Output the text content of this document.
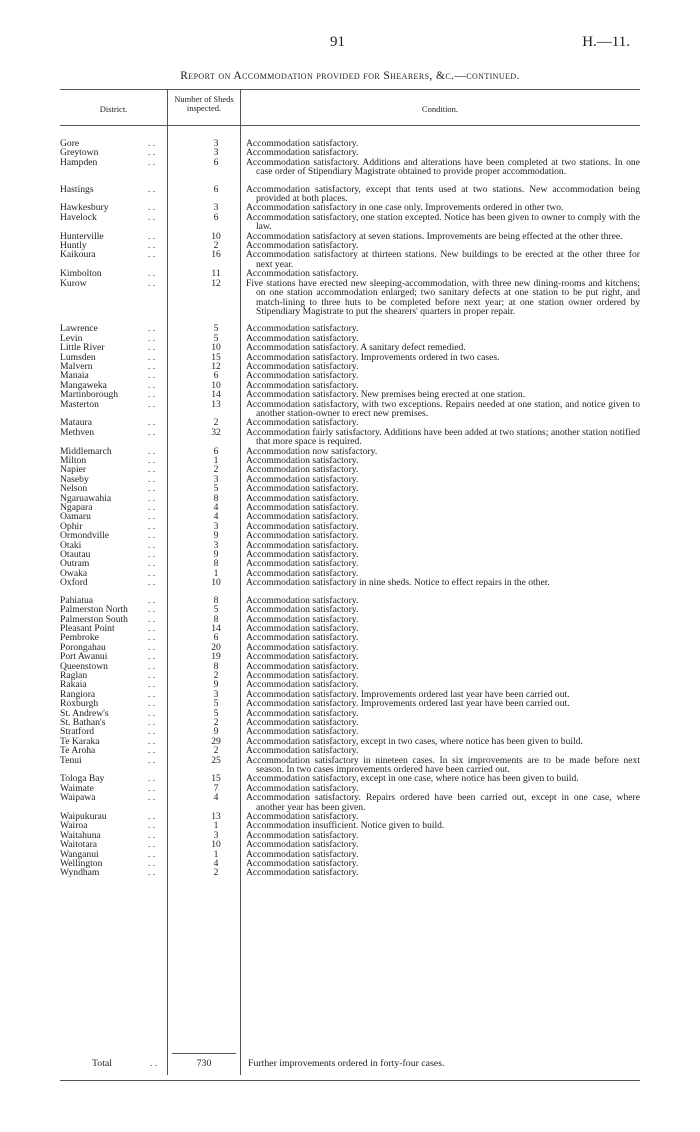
91	H.—11.
Report on Accommodation provided for Shearers, &c.—continued.
District.
Number of Sheds inspected.	Condition.
Gore	. .	3	Accommodation satisfactory.

Greytown	. .	3	Accommodation satisfactory.

Hampden	. .	6	Accommodation satisfactory. Additions and alterations have been completed at two stations. In one case order of Stipendiary Magistrate obtained to provide proper accommodation.

Hastings	. .	6	Accommodation satisfactory, except that tents used at two stations. New accommodation being provided at both places.

Hawkesbury	. .	3	Accommodation satisfactory in one case only. Improvements ordered in other two.

Havelock	. .	6	Accommodation satisfactory, one station excepted. Notice has been given to owner to comply with the law.

Hunterville	. .	10	Accommodation satisfactory at seven stations. Improvements are being effected at the other three.

Huntly	. .	2	Accommodation satisfactory.

Kaikoura	. .	16	Accommodation satisfactory at thirteen stations. New buildings to be erected at the other three for next year.

Kimbolton	. .	11	Accommodation satisfactory.

Kurow	. .	12	Five stations have erected new sleeping-accommodation, with three new dining-rooms and kitchens; on one station accommodation enlarged; two sanitary defects at one station to be put right, and match-lining to three huts to be completed before next year; at one station owner ordered by Stipendiary Magistrate to put the shearers' quarters in proper repair.

Lawrence	. .	5	Accommodation satisfactory.

Levin	. .	5	Accommodation satisfactory.

Little River	. .	10	Accommodation satisfactory. A sanitary defect remedied.

Lumsden	. .	15	Accommodation satisfactory. Improvements ordered in two cases.

Malvern	. .	12	Accommodation satisfactory.

Manaia	. .	6	Accommodation satisfactory.

Mangaweka	. .	10	Accommodation satisfactory.

Martinborough	. .	14	Accommodation satisfactory. New premises being erected at one station.

Masterton	. .	13	Accommodation satisfactory, with two exceptions. Repairs needed at one station, and notice given to another station-owner to erect new premises.

Mataura	. .	2	Accommodation satisfactory.

Methven	. .	32	Accommodation fairly satisfactory. Additions have been added at two stations; another station notified that more space is required.

Middlemarch	. .	6	Accommodation now satisfactory.

Milton	. .	1	Accommodation satisfactory.

Napier	. .	2	Accommodation satisfactory.

Naseby	. .	3	Accommodation satisfactory.

Nelson	. .	5	Accommodation satisfactory.

Ngaruawahia	. .	8	Accommodation satisfactory.

Ngapara	. .	4	Accommodation satisfactory.

Oamaru	. .	4	Accommodation satisfactory.

Ophir	. .	3	Accommodation satisfactory.

Ormondville	. .	9	Accommodation satisfactory.

Otaki	. .	3	Accommodation satisfactory.

Otautau	. .	9	Accommodation satisfactory.

Outram	. .	8	Accommodation satisfactory.

Owaka	. .	1	Accommodation satisfactory.

Oxford	. .	10	Accommodation satisfactory in nine sheds. Notice to effect repairs in the other.

Pahiatua	. .	8	Accommodation satisfactory.

Palmerston North	. .	5	Accommodation satisfactory.

Palmerston South	. .	8	Accommodation satisfactory.

Pleasant Point	. .	14	Accommodation satisfactory.

Pembroke	. .	6	Accommodation satisfactory.

Porongahau	. .	20	Accommodation satisfactory.

Port Awanui	. .	19	Accommodation satisfactory.

Queenstown	. .	8	Accommodation satisfactory.

Raglan	. .	2	Accommodation satisfactory.

Rakaia	. .	9	Accommodation satisfactory.

Rangiora	. .	3	Accommodation satisfactory. Improvements ordered last year have been carried out.

Roxburgh	. .	5	Accommodation satisfactory. Improvements ordered last year have been carried out.

St. Andrew's	. .	5	Accommodation satisfactory.

St. Bathan's	. .	2	Accommodation satisfactory.

Stratford	. .	9	Accommodation satisfactory.

Te Karaka	. .	29	Accommodation satisfactory, except in two cases, where notice has been given to build.

Te Aroha	. .	2	Accommodation satisfactory.

Tenui	. .	25	Accommodation satisfactory in nineteen cases. In six improvements are to be made before next season. In two cases improvements ordered have been carried out.

Tologa Bay	. .	15	Accommodation satisfactory, except in one case, where notice has been given to build.

Waimate	. .	7	Accommodation satisfactory.

Waipawa	. .	4	Accommodation satisfactory. Repairs ordered have been carried out, except in one case, where another year has been given.

Waipukurau	. .	13	Accommodation satisfactory.

Wairoa	. .	1	Accommodation insufficient. Notice given to build.

Waitahuna	. .	3	Accommodation satisfactory.

Waitotara	. .	10	Accommodation satisfactory.

Wanganui	. .	1	Accommodation satisfactory.

Wellington	. .	4	Accommodation satisfactory.

Wyndham	. .	2	Accommodation satisfactory.
Total	. .	730	Further improvements ordered in forty-four cases.
